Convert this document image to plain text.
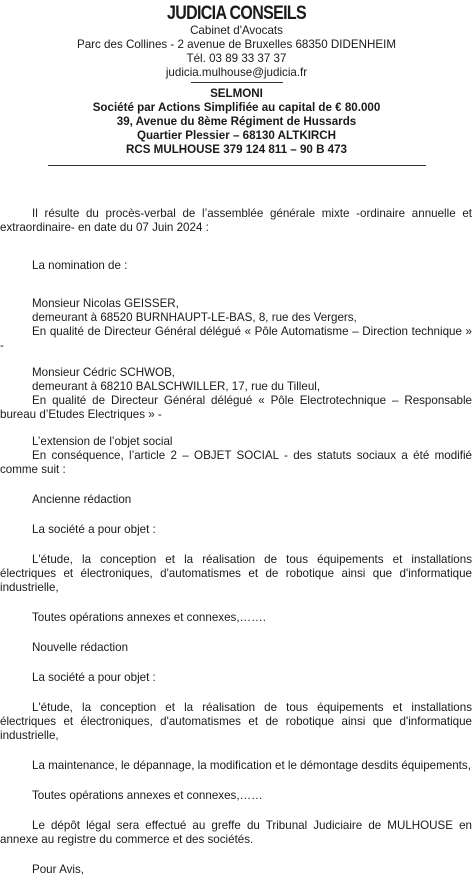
JUDICIA CONSEILS
Cabinet d'Avocats
Parc des Collines - 2 avenue de Bruxelles 68350 DIDENHEIM
Tél. 03 89 33 37 37
judicia.mulhouse@judicia.fr
SELMONI
Société par Actions Simplifiée au capital de € 80.000
39, Avenue du 8ème Régiment de Hussards
Quartier Plessier – 68130 ALTKIRCH
RCS MULHOUSE 379 124 811 – 90 B 473
Il résulte du procès-verbal de l’assemblée générale mixte -ordinaire annuelle et extraordinaire- en date du 07 Juin 2024 :
La nomination de :
Monsieur Nicolas GEISSER,
demeurant à 68520 BURNHAUPT-LE-BAS, 8, rue des Vergers,
En qualité de Directeur Général délégué « Pôle Automatisme – Direction technique » -
Monsieur Cédric SCHWOB,
demeurant à 68210 BALSCHWILLER, 17, rue du Tilleul,
En qualité de Directeur Général délégué « Pôle Electrotechnique – Responsable bureau d’Etudes Electriques » -
L’extension de l’objet social
En conséquence, l’article 2 – OBJET SOCIAL - des statuts sociaux a été modifié comme suit :
Ancienne rédaction
La société a pour objet :
L'étude, la conception et la réalisation de tous équipements et installations électriques et électroniques, d'automatismes et de robotique ainsi que d'informatique industrielle,
Toutes opérations annexes et connexes,…….
Nouvelle rédaction
La société a pour objet :
L'étude, la conception et la réalisation de tous équipements et installations électriques et électroniques, d'automatismes et de robotique ainsi que d'informatique industrielle,
La maintenance, le dépannage, la modification et le démontage desdits équipements,
Toutes opérations annexes et connexes,……
Le dépôt légal sera effectué au greffe du Tribunal Judiciaire de MULHOUSE en annexe au registre du commerce et des sociétés.
Pour Avis,
